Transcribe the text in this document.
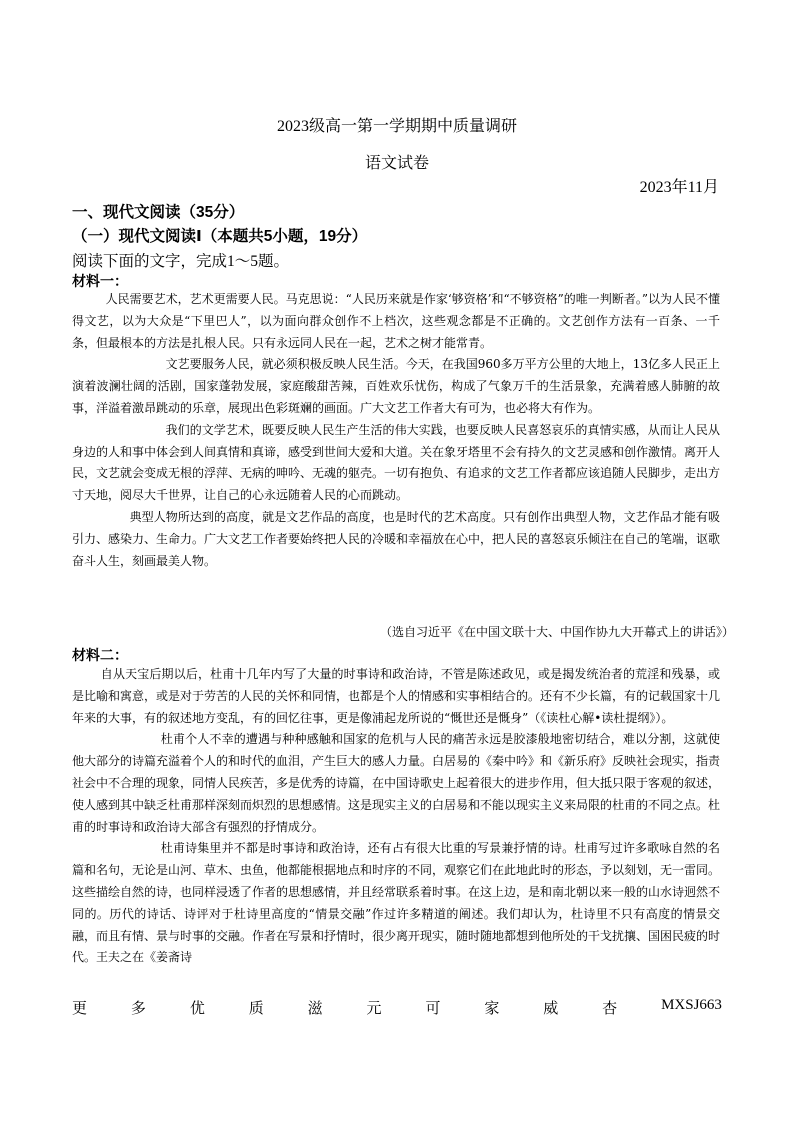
2023级高一第一学期期中质量调研
语文试卷
2023年11月
一、现代文阅读（35分）
（一）现代文阅读Ⅰ（本题共5小题，19分）
阅读下面的文字，完成1～5题。
材料一：

人民需要艺术，艺术更需要人民。马克思说：“人民历来就是作家‘够资格’和“不够资格”的唯一判断者。”以为人民不懂得文艺，以为大众是“下里巴人”，以为面向群众创作不上档次，这些观念都是不正确的。文艺创作方法有一百条、一千条，但最根本的方法是扎根人民。只有永远同人民在一起，艺术之树才能常青。

文艺要服务人民，就必须积极反映人民生活。今天，在我国960多万平方公里的大地上，13亿多人民正上演着波澜壮阔的活剧，国家蓬勃发展，家庭酸甜苦辣，百姓欢乐忧伤，构成了气象万千的生活景象，充满着感人肺腑的故事，洋溢着激昂跳动的乐章，展现出色彩斑斓的画面。广大文艺工作者大有可为，也必将大有作为。

我们的文学艺术，既要反映人民生产生活的伟大实践，也要反映人民喜怒哀乐的真情实感，从而让人民从身边的人和事中体会到人间真情和真谛，感受到世间大爱和大道。关在象牙塔里不会有持久的文艺灵感和创作激情。离开人民，文艺就会变成无根的浮萍、无病的呻吟、无魂的躯壳。一切有抱负、有追求的文艺工作者都应该追随人民脚步，走出方寸天地，阅尽大千世界，让自己的心永远随着人民的心而跳动。

典型人物所达到的高度，就是文艺作品的高度，也是时代的艺术高度。只有创作出典型人物，文艺作品才能有吸引力、感染力、生命力。广大文艺工作者要始终把人民的冷暖和幸福放在心中，把人民的喜怒哀乐倾注在自己的笔端，讴歌奋斗人生，刻画最美人物。

（选自习近平《在中国文联十大、中国作协九大开幕式上的讲话》）
材料二：

自从天宝后期以后，杜甫十几年内写了大量的时事诗和政治诗，不管是陈述政见，或是揭发统治者的荒淫和残暴，或是比喻和寓意，或是对于劳苦的人民的关怀和同情，也都是个人的情感和实事相结合的。还有不少长篇，有的记载国家十几年来的大事，有的叙述地方变乱，有的回忆往事，更是像浦起龙所说的“慨世还是慨身”（《读杜心解•读杜提纲》）。

杜甫个人不幸的遭遇与种种感触和国家的危机与人民的痛苦永远是胶漆般地密切结合，难以分割，这就使他大部分的诗篇充溢着个人的和时代的血泪，产生巨大的感人力量。白居易的《秦中吟》和《新乐府》反映社会现实，指责社会中不合理的现象，同情人民疾苦，多是优秀的诗篇，在中国诗歌史上起着很大的进步作用，但大抵只限于客观的叙述，使人感到其中缺乏杜甫那样深刻而炽烈的思想感情。这是现实主义的白居易和不能以现实主义来局限的杜甫的不同之点。杜甫的时事诗和政治诗大部含有强烈的抒情成分。

杜甫诗集里并不都是时事诗和政治诗，还有占有很大比重的写景兼抒情的诗。杜甫写过许多歌咏自然的名篇和名句，无论是山河、草木、虫鱼，他都能根据地点和时序的不同，观察它们在此地此时的形态，予以刻划，无一雷同。这些描绘自然的诗，也同样浸透了作者的思想感情，并且经常联系着时事。在这上边，是和南北朝以来一般的山水诗迥然不同的。历代的诗话、诗评对于杜诗里高度的“情景交融”作过许多精道的阐述。我们却认为，杜诗里不只有高度的情景交融，而且有情、景与时事的交融。作者在写景和抒情时，很少离开现实，随时随地都想到他所处的干戈扰攘、国困民疲的时代。王夫之在《姜斋诗

更	多	优	质	滋	元	可	家	威	杏	MXSJ663
